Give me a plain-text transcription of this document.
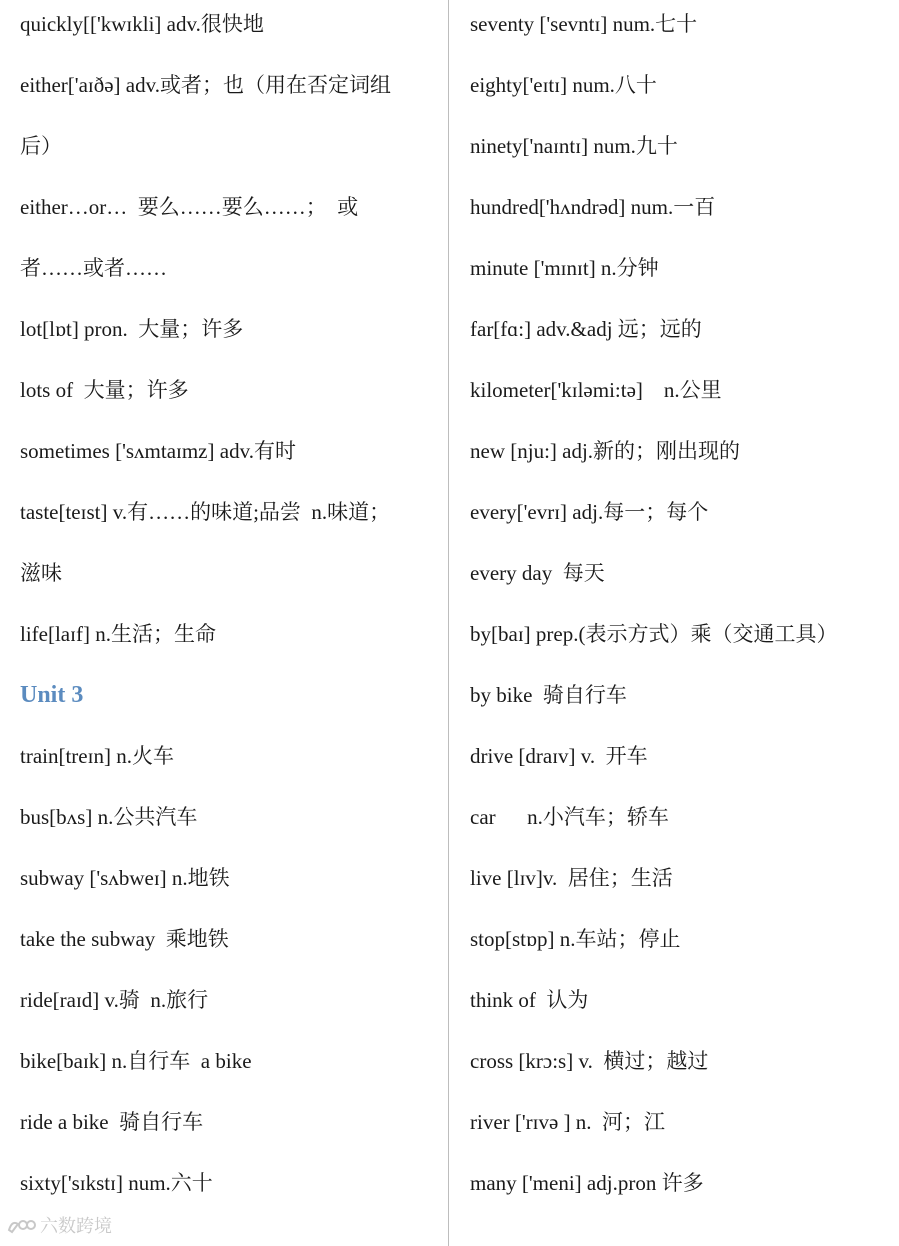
quickly[['kwɪkli] adv.很快地
either['aɪðə] adv.或者；也（用在否定词组
后）
either…or…  要么……要么……；  或
者……或者……
lot[lɒt] pron.  大量；许多
lots of  大量；许多
sometimes ['sʌmtaɪmz] adv.有时
taste[teɪst] v.有……的味道;品尝  n.味道；
滋味
life[laɪf] n.生活；生命
Unit 3
train[treɪn] n.火车
bus[bʌs] n.公共汽车
subway ['sʌbweɪ] n.地铁
take the subway  乘地铁
ride[raɪd] v.骑  n.旅行
bike[baɪk] n.自行车  a bike
ride a bike  骑自行车
sixty['sɪkstɪ] num.六十
seventy ['sevntɪ] num.七十
eighty['eɪtɪ] num.八十
ninety['naɪntɪ] num.九十
hundred['hʌndrəd] num.一百
minute ['mɪnɪt] n.分钟
far[fɑ:] adv.&adj 远；远的
kilometer['kɪləmi:tə]    n.公里
new [nju:] adj.新的；刚出现的
every['evrɪ] adj.每一；每个
every day  每天
by[baɪ] prep.(表示方式）乘（交通工具）
by bike  骑自行车
drive [draɪv] v.  开车
car      n.小汽车；轿车
live [lɪv]v.  居住；生活
stop[stɒp] n.车站；停止
think of  认为
cross [krɔ:s] v.  横过；越过
river ['rɪvə ] n.  河；江
many ['meni] adj.pron 许多
六数跨境
